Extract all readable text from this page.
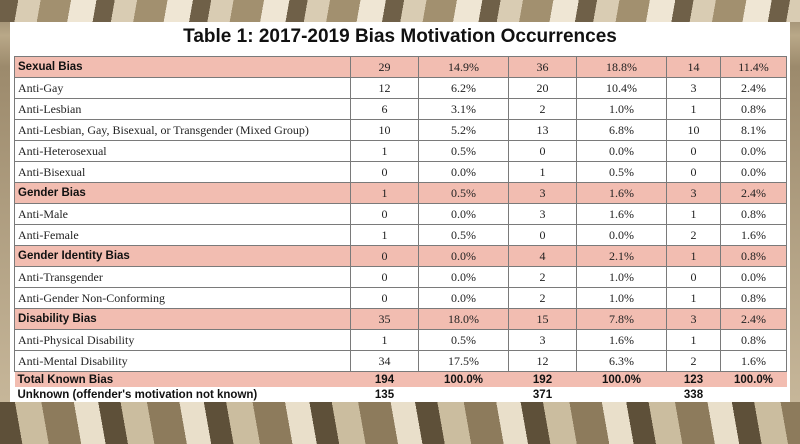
Table 1: 2017-2019 Bias Motivation Occurrences
Sexual Bias	29	14.9%	36	18.8%	14	11.4%
Anti-Gay	12	6.2%	20	10.4%	3	2.4%
Anti-Lesbian	6	3.1%	2	1.0%	1	0.8%
Anti-Lesbian, Gay, Bisexual, or Transgender (Mixed Group)	10	5.2%	13	6.8%	10	8.1%
Anti-Heterosexual	1	0.5%	0	0.0%	0	0.0%
Anti-Bisexual	0	0.0%	1	0.5%	0	0.0%
Gender Bias	1	0.5%	3	1.6%	3	2.4%
Anti-Male	0	0.0%	3	1.6%	1	0.8%
Anti-Female	1	0.5%	0	0.0%	2	1.6%
Gender Identity Bias	0	0.0%	4	2.1%	1	0.8%
Anti-Transgender	0	0.0%	2	1.0%	0	0.0%
Anti-Gender Non-Conforming	0	0.0%	2	1.0%	1	0.8%
Disability Bias	35	18.0%	15	7.8%	3	2.4%
Anti-Physical Disability	1	0.5%	3	1.6%	1	0.8%
Anti-Mental Disability	34	17.5%	12	6.3%	2	1.6%
Total Known Bias	194	100.0%	192	100.0%	123	100.0%
Unknown (offender's motivation not known)	135		371		338	
